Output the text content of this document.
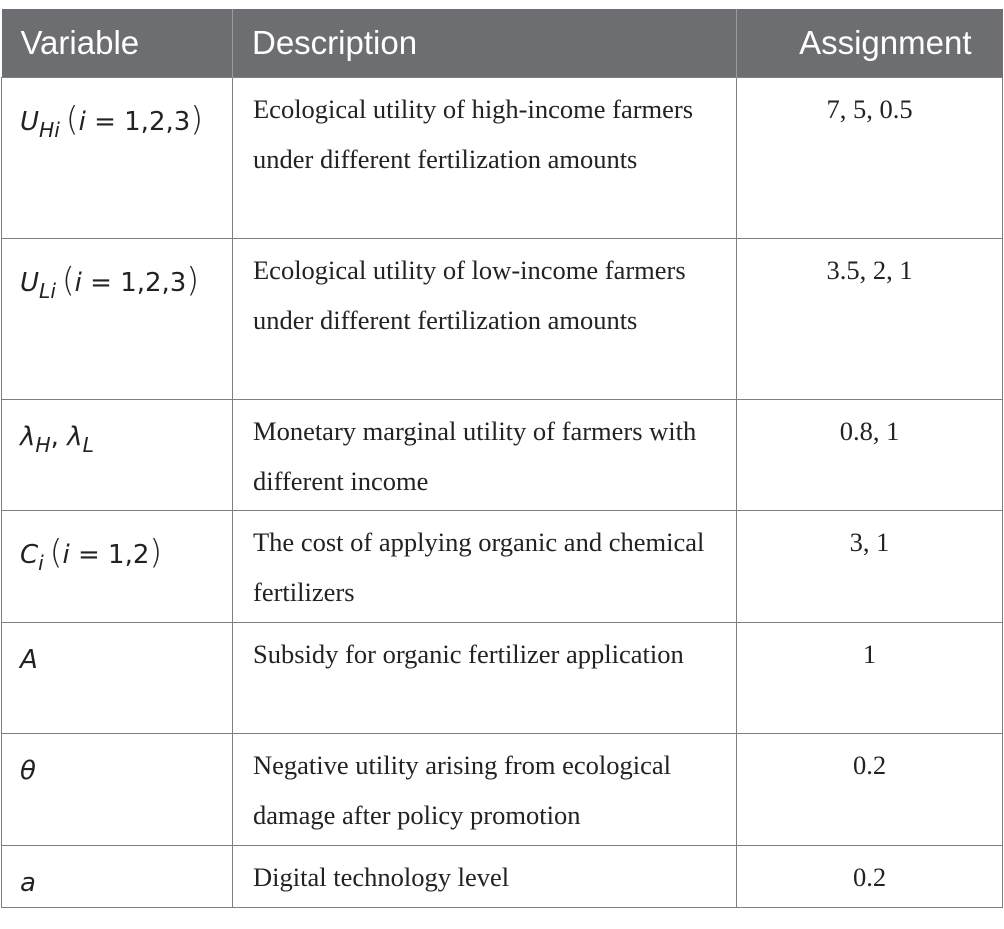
Variable	Description	Assignment
$U_{Hi}$ (i = 1,2,3)	Ecological utility of high-income farmers under different fertilization amounts	7, 5, 0.5
$U_{Li}$ (i = 1,2,3)	Ecological utility of low-income farmers under different fertilization amounts	3.5, 2, 1
$\lambda_H$, $\lambda_L$	Monetary marginal utility of farmers with different income	0.8, 1
$C_i$ (i = 1,2)	The cost of applying organic and chemical fertilizers	3, 1
A	Subsidy for organic fertilizer application	1
θ	Negative utility arising from ecological damage after policy promotion	0.2
a	Digital technology level	0.2
